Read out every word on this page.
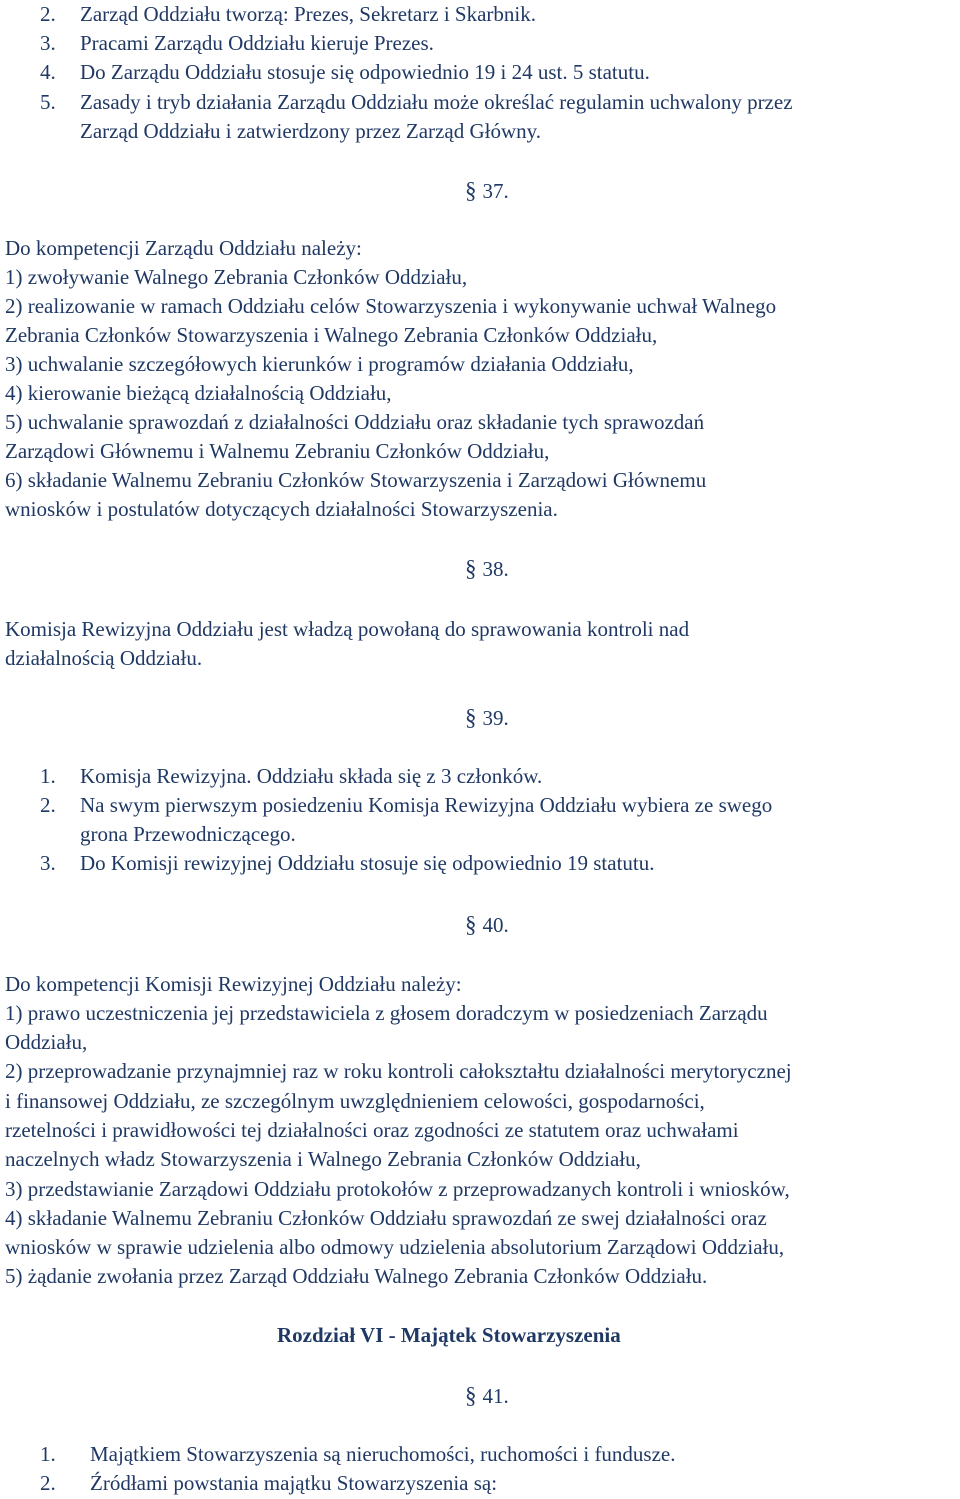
2. Zarząd Oddziału tworzą: Prezes, Sekretarz i Skarbnik.
3. Pracami Zarządu Oddziału kieruje Prezes.
4. Do Zarządu Oddziału stosuje się odpowiednio 19 i 24 ust. 5 statutu.
5. Zasady i tryb działania Zarządu Oddziału może określać regulamin uchwalony przez
Zarząd Oddziału i zatwierdzony przez Zarząd Główny.
§ 37.
Do kompetencji Zarządu Oddziału należy:
1) zwoływanie Walnego Zebrania Członków Oddziału,
2) realizowanie w ramach Oddziału celów Stowarzyszenia i wykonywanie uchwał Walnego
Zebrania Członków Stowarzyszenia i Walnego Zebrania Członków Oddziału,
3) uchwalanie szczegółowych kierunków i programów działania Oddziału,
4) kierowanie bieżącą działalnością Oddziału,
5) uchwalanie sprawozdań z działalności Oddziału oraz składanie tych sprawozdań
Zarządowi Głównemu i Walnemu Zebraniu Członków Oddziału,
6) składanie Walnemu Zebraniu Członków Stowarzyszenia i Zarządowi Głównemu
wniosków i postulatów dotyczących działalności Stowarzyszenia.
§ 38.
Komisja Rewizyjna Oddziału jest władzą powołaną do sprawowania kontroli nad
działalnością Oddziału.
§ 39.
1. Komisja Rewizyjna. Oddziału składa się z 3 członków.
2. Na swym pierwszym posiedzeniu Komisja Rewizyjna Oddziału wybiera ze swego
grona Przewodniczącego.
3. Do Komisji rewizyjnej Oddziału stosuje się odpowiednio 19 statutu.
§ 40.
Do kompetencji Komisji Rewizyjnej Oddziału należy:
1) prawo uczestniczenia jej przedstawiciela z głosem doradczym w posiedzeniach Zarządu
Oddziału,
2) przeprowadzanie przynajmniej raz w roku kontroli całokształtu działalności merytorycznej
i finansowej Oddziału, ze szczególnym uwzględnieniem celowości, gospodarności,
rzetelności i prawidłowości tej działalności oraz zgodności ze statutem oraz uchwałami
naczelnych władz Stowarzyszenia i Walnego Zebrania Członków Oddziału,
3) przedstawianie Zarządowi Oddziału protokołów z przeprowadzanych kontroli i wniosków,
4) składanie Walnemu Zebraniu Członków Oddziału sprawozdań ze swej działalności oraz
wniosków w sprawie udzielenia albo odmowy udzielenia absolutorium Zarządowi Oddziału,
5) żądanie zwołania przez Zarząd Oddziału Walnego Zebrania Członków Oddziału.
Rozdział VI - Majątek Stowarzyszenia
§ 41.
1. Majątkiem Stowarzyszenia są nieruchomości, ruchomości i fundusze.
2. Źródłami powstania majątku Stowarzyszenia są:
